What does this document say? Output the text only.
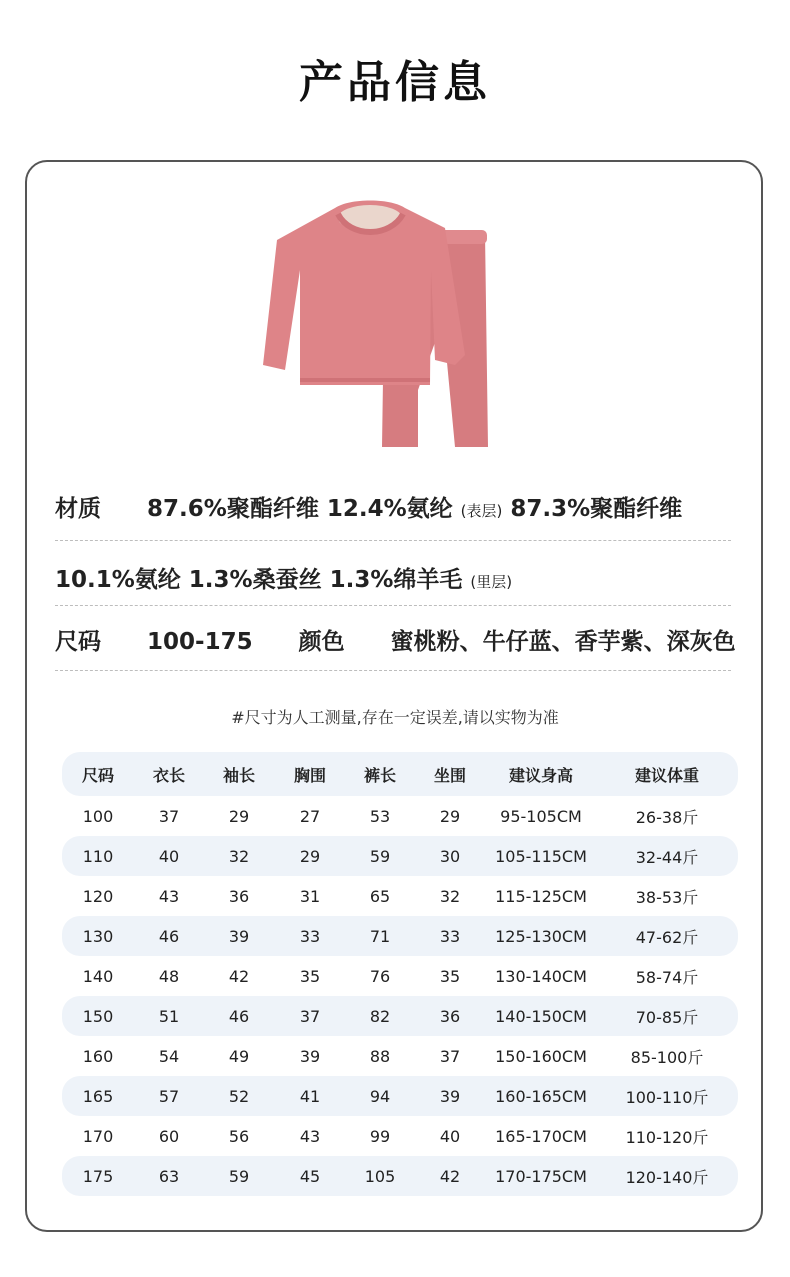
产品信息
材质 87.6%聚酯纤维 12.4%氨纶 (表层) 87.3%聚酯纤维
10.1%氨纶 1.3%桑蚕丝 1.3%绵羊毛 (里层)
尺码 100-175 颜色 蜜桃粉、牛仔蓝、香芋紫、深灰色
#尺寸为人工测量,存在一定误差,请以实物为准
尺码	衣长	袖长	胸围	裤长	坐围	建议身高	建议体重
100	37	29	27	53	29	95-105CM	26-38斤
110	40	32	29	59	30	105-115CM	32-44斤
120	43	36	31	65	32	115-125CM	38-53斤
130	46	39	33	71	33	125-130CM	47-62斤
140	48	42	35	76	35	130-140CM	58-74斤
150	51	46	37	82	36	140-150CM	70-85斤
160	54	49	39	88	37	150-160CM	85-100斤
165	57	52	41	94	39	160-165CM	100-110斤
170	60	56	43	99	40	165-170CM	110-120斤
175	63	59	45	105	42	170-175CM	120-140斤
